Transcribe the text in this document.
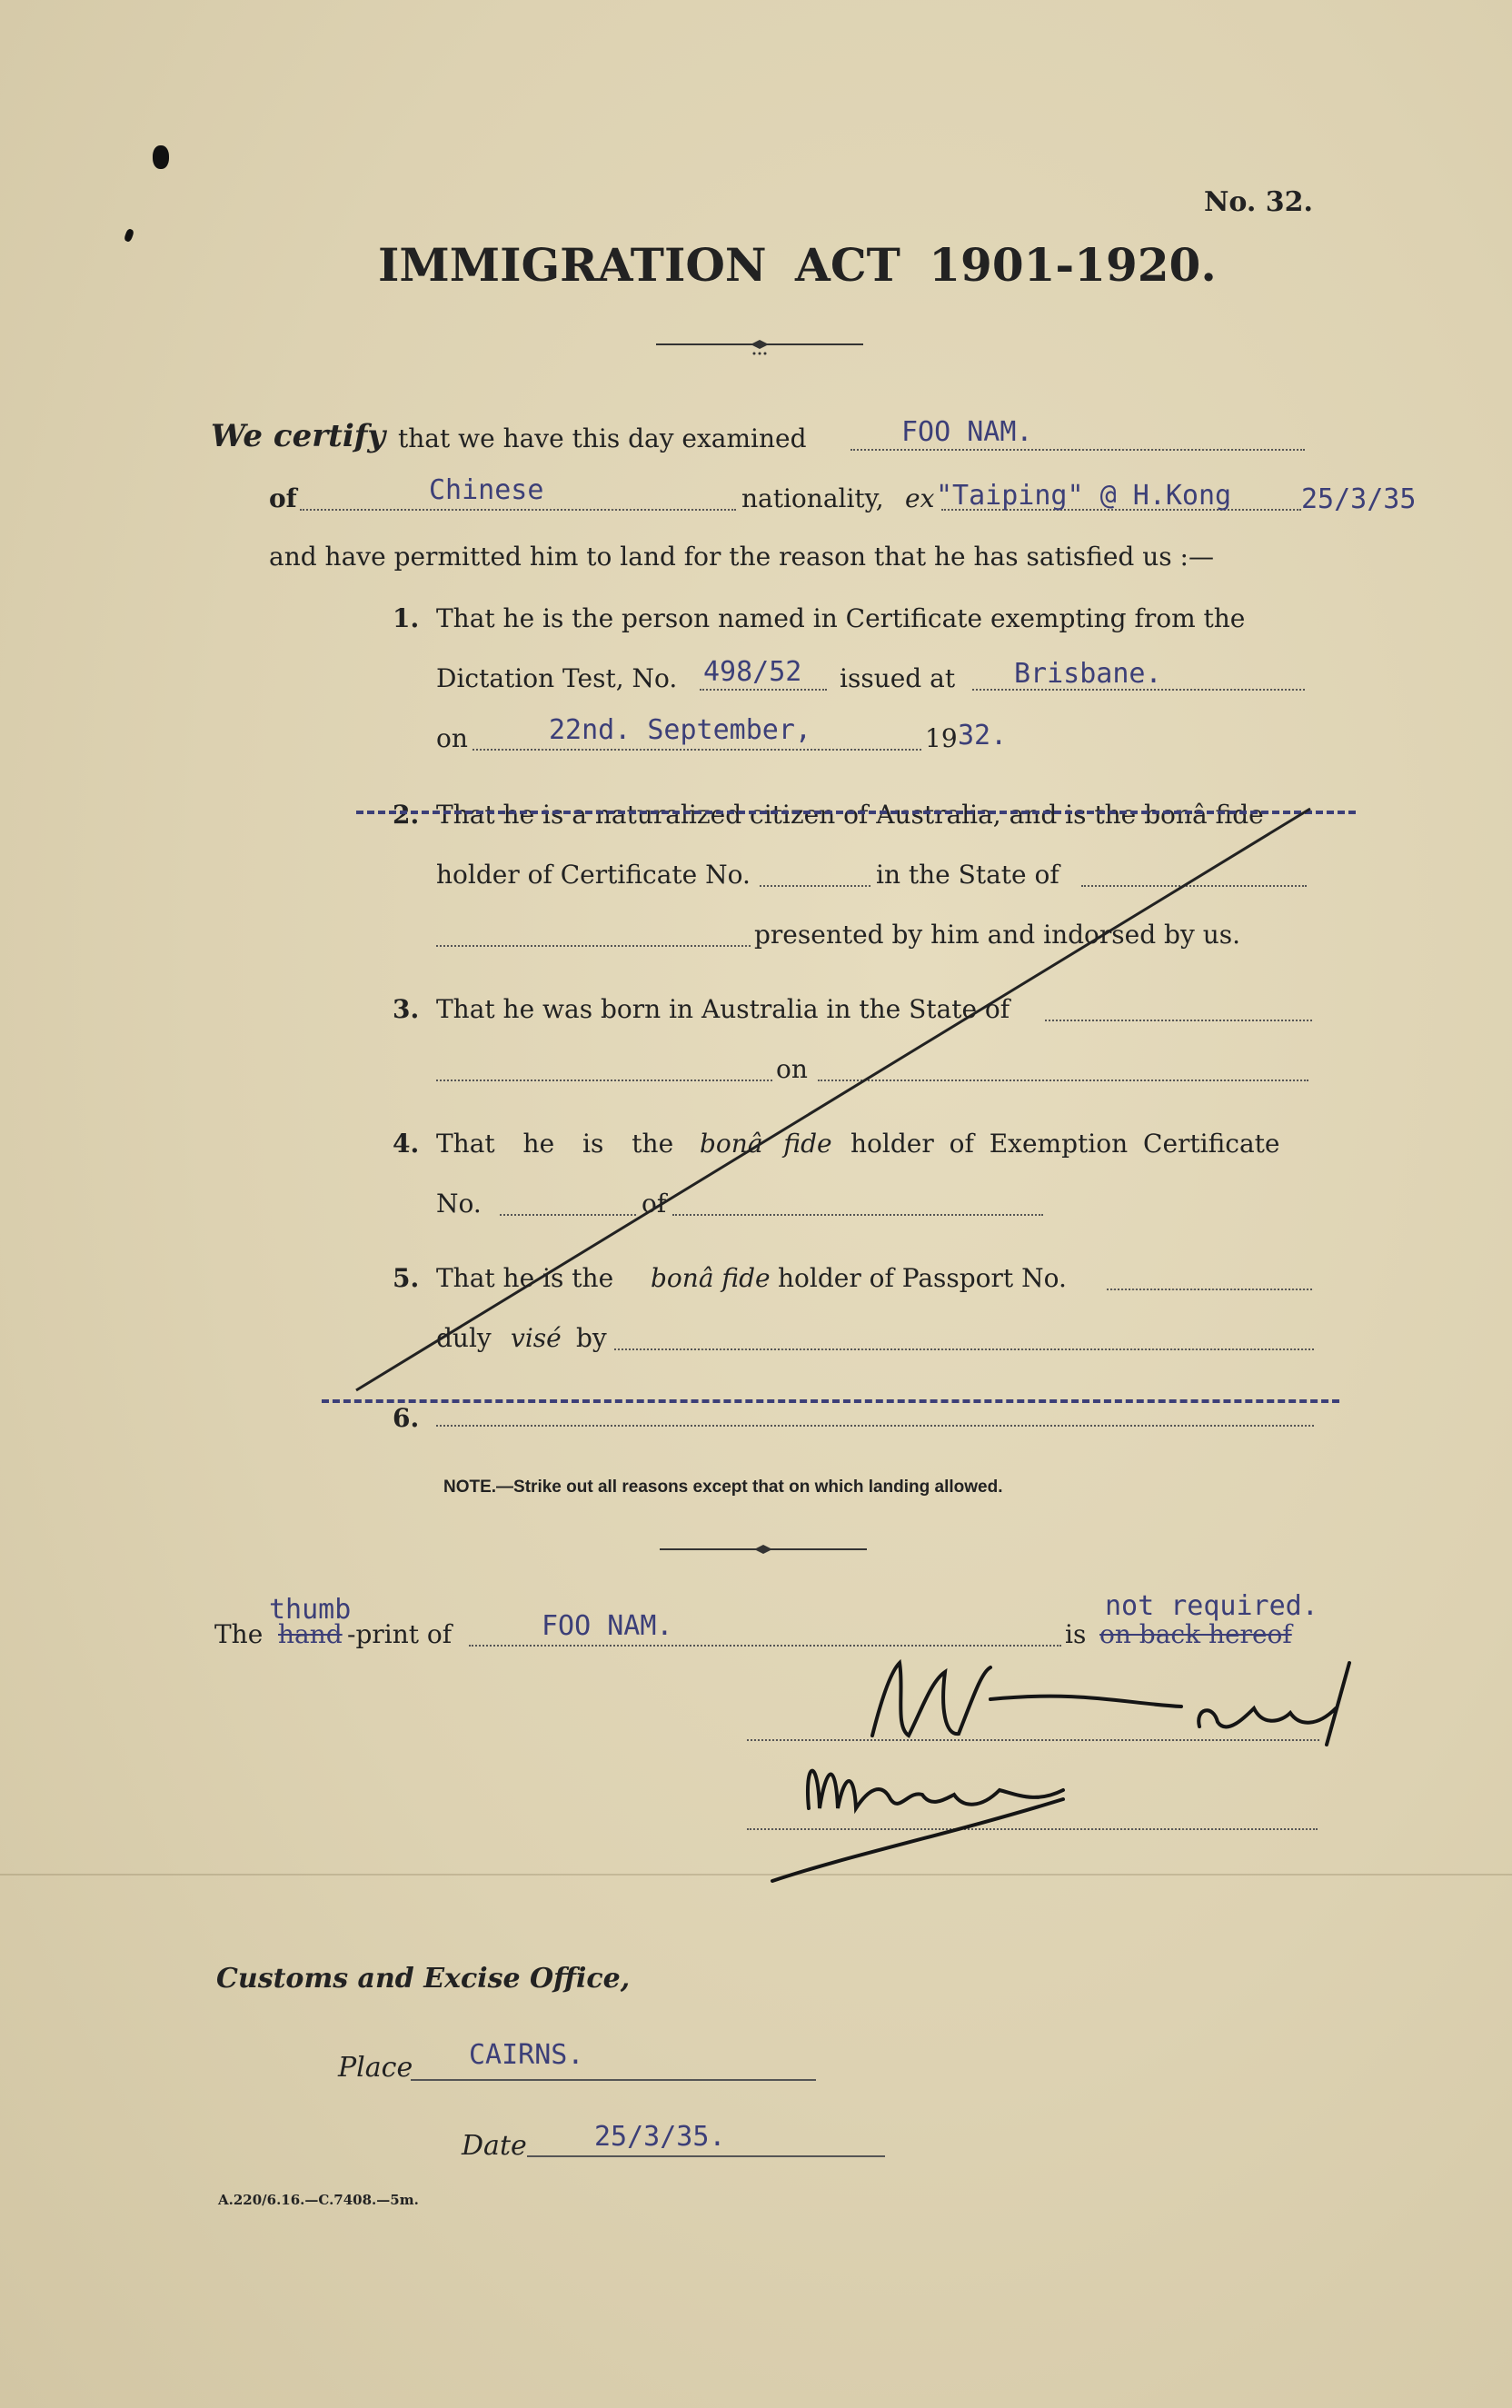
No. 32.
IMMIGRATION ACT 1901-1920.
We certify that we have this day examined	FOO NAM.
of	Chinese	nationality, ex "Taiping" @ H.Kong	25/3/35
and have permitted him to land for the reason that he has satisfied us :—
1. That he is the person named in Certificate exempting from the
Dictation Test, No. 498/52 issued at Brisbane.
on	22nd. September,	19 32.
2. That he is a naturalized citizen of Australia, and is the bonâ fide
holder of Certificate No.	in the State of
presented by him and indorsed by us.
3. That he was born in Australia in the State of
on
4. That he is the bonâ fide holder of Exemption Certificate
No.	of
5. That he is the bonâ fide holder of Passport No.
duly visé by
6.
NOTE.—Strike out all reasons except that on which landing allowed.
The
thumb
hand -print of	FOO NAM.	is
not required.
on back hereof
Customs and Excise Office,
Place CAIRNS.
Date 25/3/35.
A.220/6.16.—C.7408.—5m.
